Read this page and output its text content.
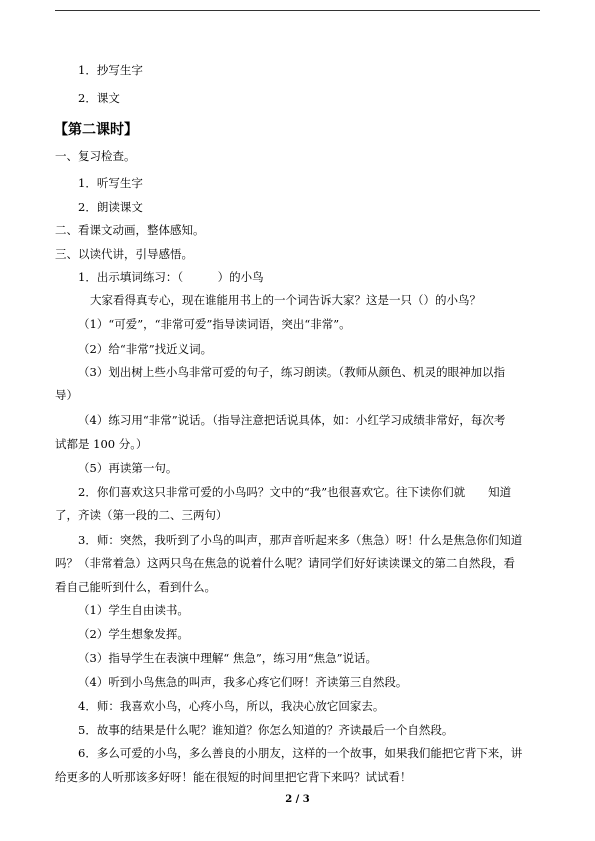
1．抄写生字
2．课文
【第二课时】
一、复习检查。
1．听写生字
2．朗读课文
二、看课文动画，整体感知。
三、以读代讲，引导感悟。
1．出示填词练习：（　　　）的小鸟
大家看得真专心，现在谁能用书上的一个词告诉大家？这是一只（）的小鸟？
（1）“可爱”，“非常可爱”指导读词语，突出“非常”。
（2）给“非常”找近义词。
（3）划出树上些小鸟非常可爱的句子，练习朗读。（教师从颜色、机灵的眼神加以指
导）
（4）练习用“非常”说话。（指导注意把话说具体，如：小红学习成绩非常好，每次考
试都是 100 分。）
（5）再读第一句。
2．你们喜欢这只非常可爱的小鸟吗？文中的“我”也很喜欢它。往下读你们就　　知道
了，齐读（第一段的二、三两句）
3．师：突然，我听到了小鸟的叫声，那声音听起来多（焦急）呀！什么是焦急你们知道
吗？（非常着急）这两只鸟在焦急的说着什么呢？请同学们好好读读课文的第二自然段，看
看自己能听到什么，看到什么。
（1）学生自由读书。
（2）学生想象发挥。
（3）指导学生在表演中理解“ 焦急”，练习用“焦急”说话。
（4）听到小鸟焦急的叫声，我多心疼它们呀！齐读第三自然段。
4．师：我喜欢小鸟，心疼小鸟，所以，我决心放它回家去。
5．故事的结果是什么呢？谁知道？你怎么知道的？齐读最后一个自然段。
6．多么可爱的小鸟，多么善良的小朋友，这样的一个故事，如果我们能把它背下来，讲
给更多的人听那该多好呀！能在很短的时间里把它背下来吗？试试看！
2 / 3
